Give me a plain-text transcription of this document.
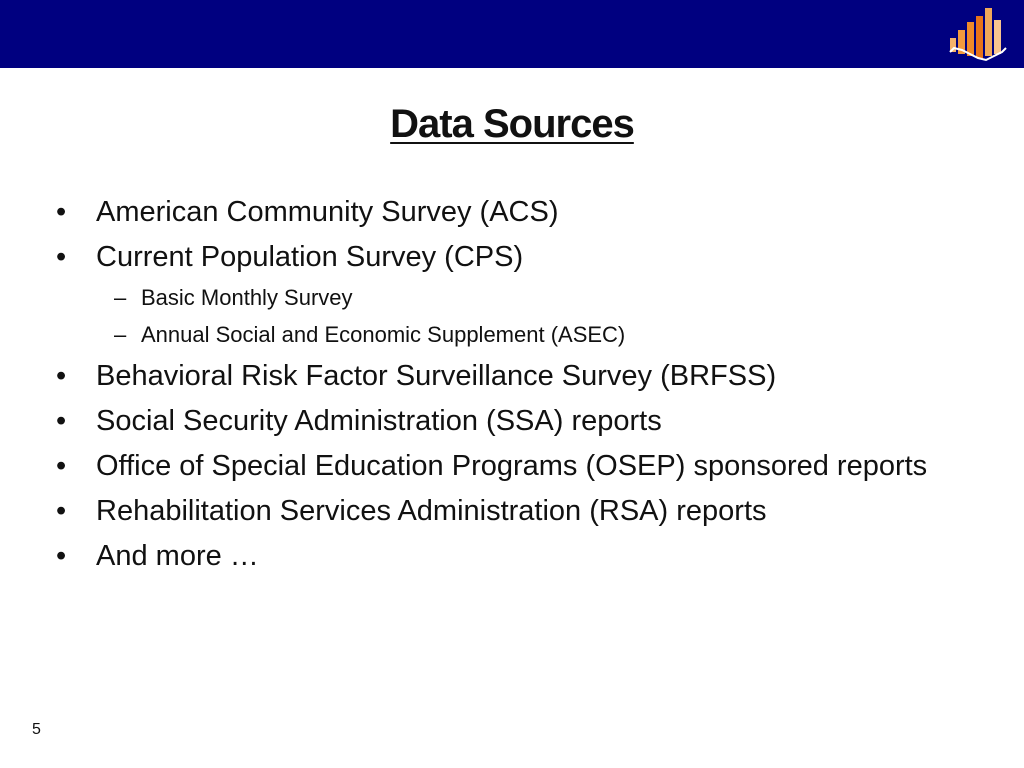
Data Sources
•	American Community Survey (ACS)
•	Current Population Survey (CPS)
– Basic Monthly Survey
– Annual Social and Economic Supplement (ASEC)
•	Behavioral Risk Factor Surveillance Survey (BRFSS)
•	Social Security Administration (SSA) reports
•	Office of Special Education Programs (OSEP) sponsored reports
•	Rehabilitation Services Administration (RSA) reports
•	And more …
5
